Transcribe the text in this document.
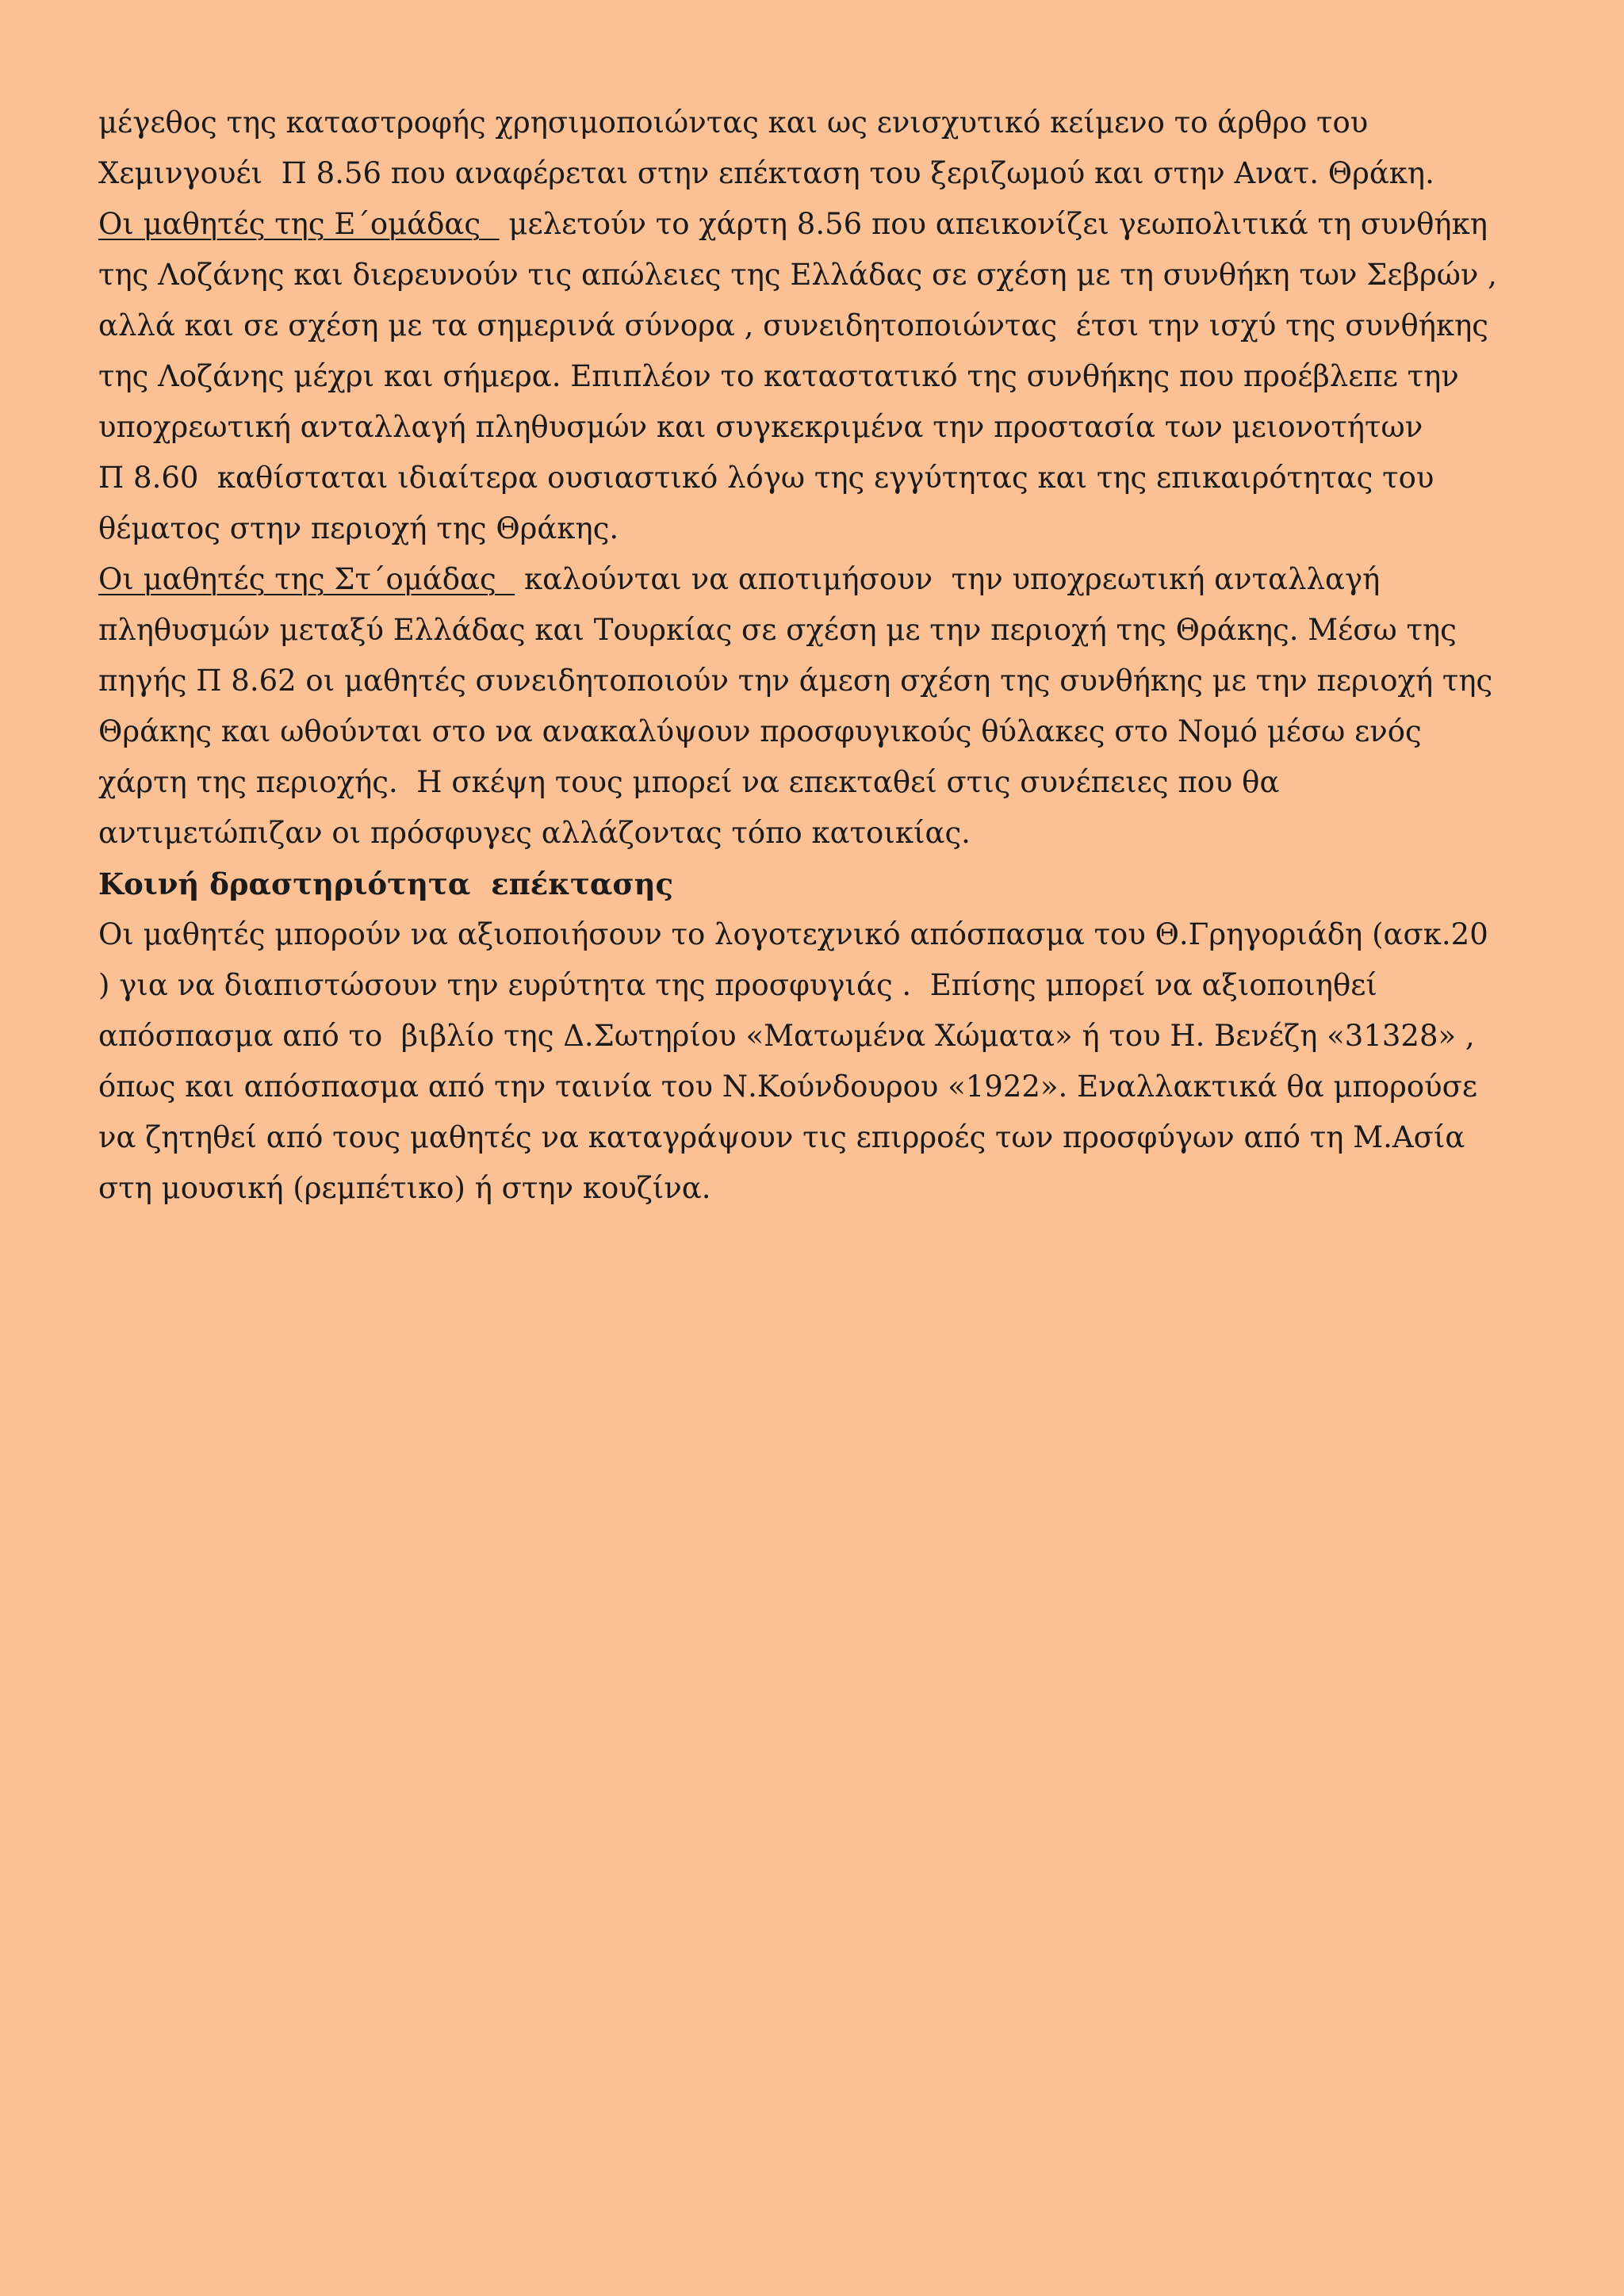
μέγεθος της καταστροφής χρησιμοποιώντας και ως ενισχυτικό κείμενο το άρθρο του
Χεμινγουέι  Π 8.56 που αναφέρεται στην επέκταση του ξεριζωμού και στην Ανατ. Θράκη.
Οι μαθητές της Ε΄ομάδας   μελετούν το χάρτη 8.56 που απεικονίζει γεωπολιτικά τη συνθήκη
της Λοζάνης και διερευνούν τις απώλειες της Ελλάδας σε σχέση με τη συνθήκη των Σεβρών ,
αλλά και σε σχέση με τα σημερινά σύνορα , συνειδητοποιώντας  έτσι την ισχύ της συνθήκης
της Λοζάνης μέχρι και σήμερα. Επιπλέον το καταστατικό της συνθήκης που προέβλεπε την
υποχρεωτική ανταλλαγή πληθυσμών και συγκεκριμένα την προστασία των μειονοτήτων
Π 8.60  καθίσταται ιδιαίτερα ουσιαστικό λόγω της εγγύτητας και της επικαιρότητας του
θέματος στην περιοχή της Θράκης.
Οι μαθητές της Στ΄ομάδας   καλούνται να αποτιμήσουν  την υποχρεωτική ανταλλαγή
πληθυσμών μεταξύ Ελλάδας και Τουρκίας σε σχέση με την περιοχή της Θράκης. Μέσω της
πηγής Π 8.62 οι μαθητές συνειδητοποιούν την άμεση σχέση της συνθήκης με την περιοχή της
Θράκης και ωθούνται στο να ανακαλύψουν προσφυγικούς θύλακες στο Νομό μέσω ενός
χάρτη της περιοχής.  Η σκέψη τους μπορεί να επεκταθεί στις συνέπειες που θα
αντιμετώπιζαν οι πρόσφυγες αλλάζοντας τόπο κατοικίας.
Κοινή δραστηριότητα  επέκτασης
Οι μαθητές μπορούν να αξιοποιήσουν το λογοτεχνικό απόσπασμα του Θ.Γρηγοριάδη (ασκ.20
) για να διαπιστώσουν την ευρύτητα της προσφυγιάς .  Επίσης μπορεί να αξιοποιηθεί
απόσπασμα από το  βιβλίο της Δ.Σωτηρίου «Ματωμένα Χώματα» ή του Η. Βενέζη «31328» ,
όπως και απόσπασμα από την ταινία του Ν.Κούνδουρου «1922». Εναλλακτικά θα μπορούσε
να ζητηθεί από τους μαθητές να καταγράψουν τις επιρροές των προσφύγων από τη Μ.Ασία
στη μουσική (ρεμπέτικο) ή στην κουζίνα.
